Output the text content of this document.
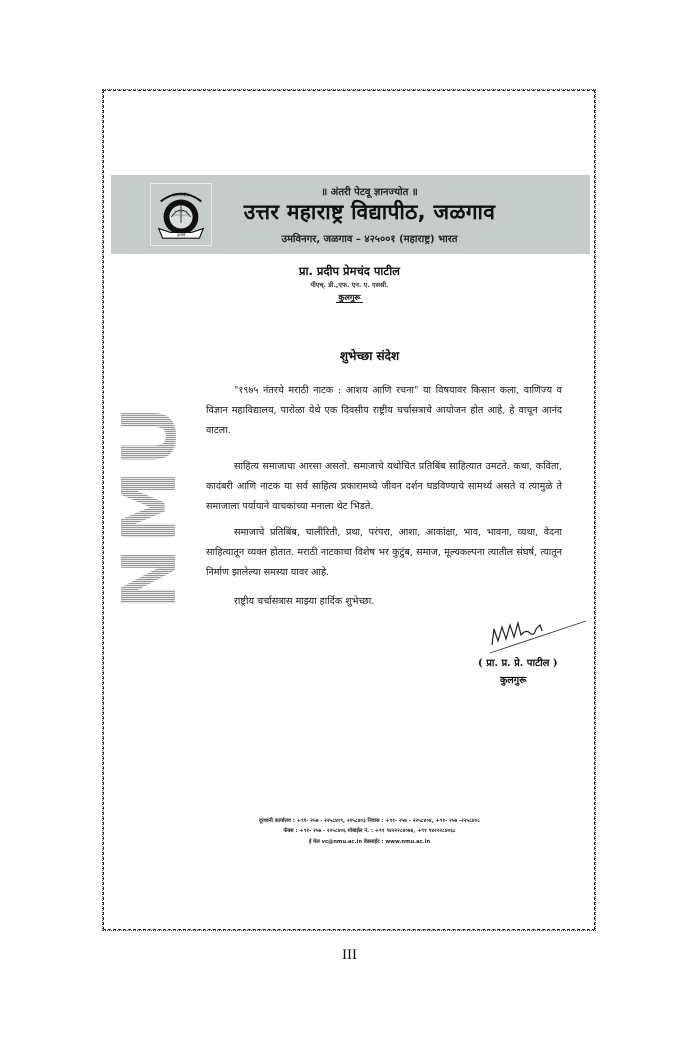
ज्ञानज्योत
उमवि
॥ अंतरी पेटवू ज्ञानज्योत ॥
उत्तर महाराष्ट्र विद्यापीठ, जळगाव
उमविनगर, जळगाव – ४२५००१ (महाराष्ट्र) भारत
प्रा. प्रदीप प्रेमचंद पाटील
पीएच्. डी.,एफ. एन. ए. एससी.
कुलगुरू
NMU
शुभेच्छा संदेश
"१९७५ नंतरचे मराठी नाटक : आशय आणि रचना" या विषयावर किसान कला, वाणिज्य व विज्ञान महाविद्यालय, पारोळा येथे एक दिवसीय राष्ट्रीय चर्चासत्राचे आयोजन होत आहे, हे वाचून आनंद वाटला.
साहित्य समाजाचा आरसा असतो. समाजाचे यथोचित प्रतिबिंब साहित्यात उमटते. कथा, कविता, कादंबरी आणि नाटक या सर्व साहित्य प्रकारामध्ये जीवन दर्शन घडविण्याचे सामर्थ्य असते व त्यामुळे ते समाजाला पर्यायाने वाचकांच्या मनाला थेट भिडते.
समाजाचे प्रतिबिंब, चालीरिती, प्रथा, परंपरा, आशा, आकांक्षा, भाव, भावना, व्यथा, वेदना साहित्यातून व्यक्त होतात. मराठी नाटकाचा विशेष भर कुटुंब, समाज, मूल्यकल्पना त्यातील संघर्ष, त्यातून निर्माण झालेल्या समस्या यावर आहे.
राष्ट्रीय चर्चासत्रास माझ्या हार्दिक शुभेच्छा.
( प्रा. प्र. प्रे. पाटील )
कुलगुरू
दूरध्वनी कार्यालय : +९१- २५७ - २२५८४०९, २२५८४०३ निवास : +९१- २५७ - २२५८४०४, +९१- २५७ -२२५८४०८
फॅक्स : +९१- २५७ - २२५८४०६ मोबाईल नं. : +९१ ९४२२२८४०७४, +९१ ९४२२२८४०६८
ई मेल vc@nmu.ac.in वेबसाईट : www.nmu.ac.in
III
